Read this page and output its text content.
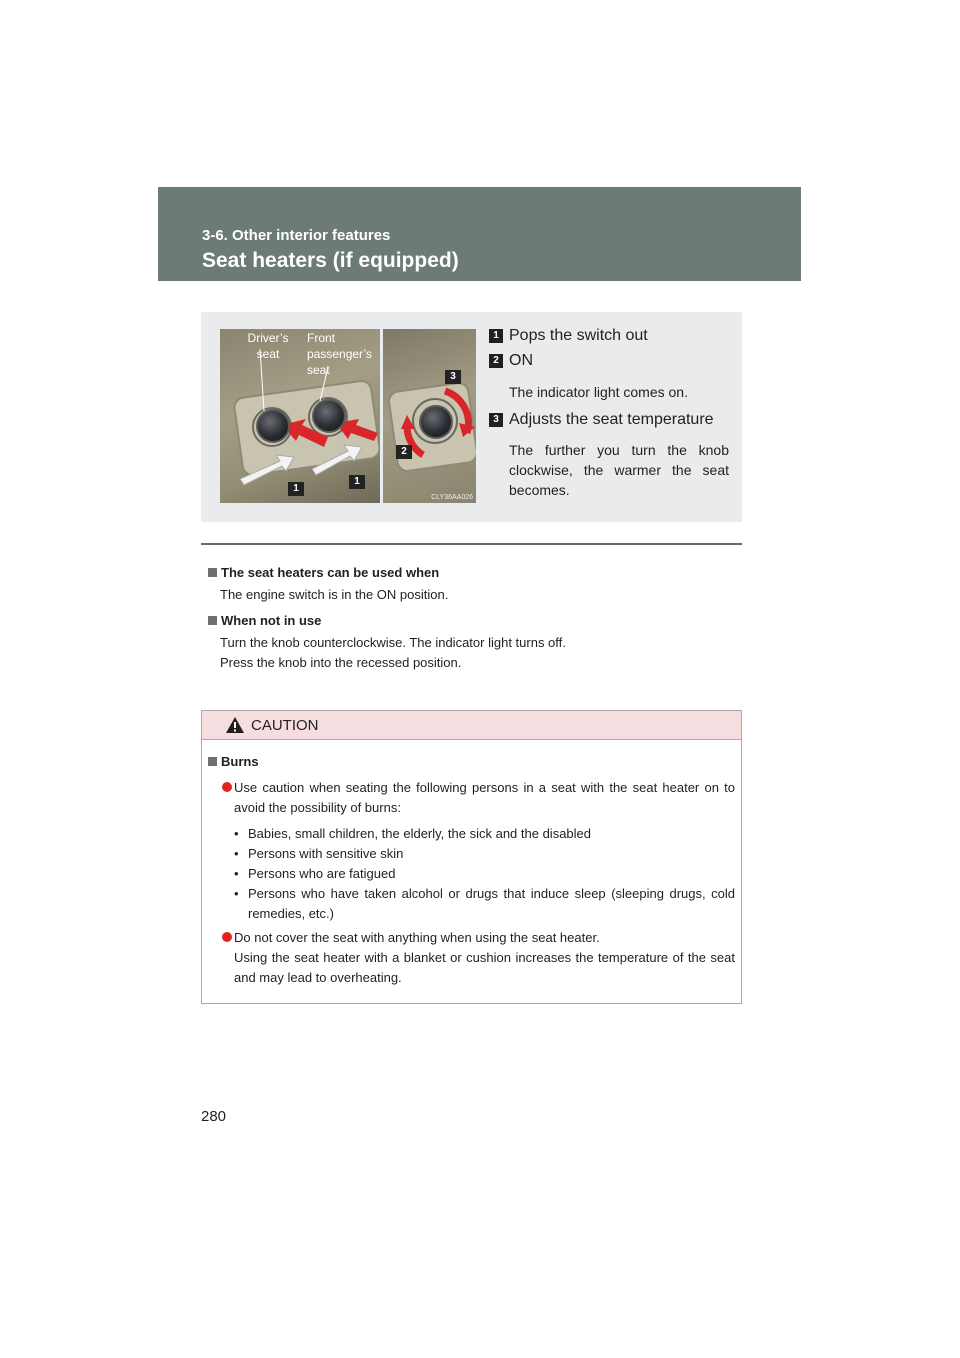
3-6. Other interior features
Seat heaters (if equipped)
Driver’s seat
Front passenger’s seat
1
1
3
2
CLY36AA026
1 Pops the switch out
2 ON
The indicator light comes on.
3 Adjusts the seat temperature
The further you turn the knob clockwise, the warmer the seat becomes.
The seat heaters can be used when
The engine switch is in the ON position.
When not in use
Turn the knob counterclockwise. The indicator light turns off.
Press the knob into the recessed position.
CAUTION
Burns
Use caution when seating the following persons in a seat with the seat heater on to avoid the possibility of burns:
• Babies, small children, the elderly, the sick and the disabled
• Persons with sensitive skin
• Persons who are fatigued
• Persons who have taken alcohol or drugs that induce sleep (sleeping drugs, cold remedies, etc.)
Do not cover the seat with anything when using the seat heater.
Using the seat heater with a blanket or cushion increases the temperature of the seat and may lead to overheating.
280
